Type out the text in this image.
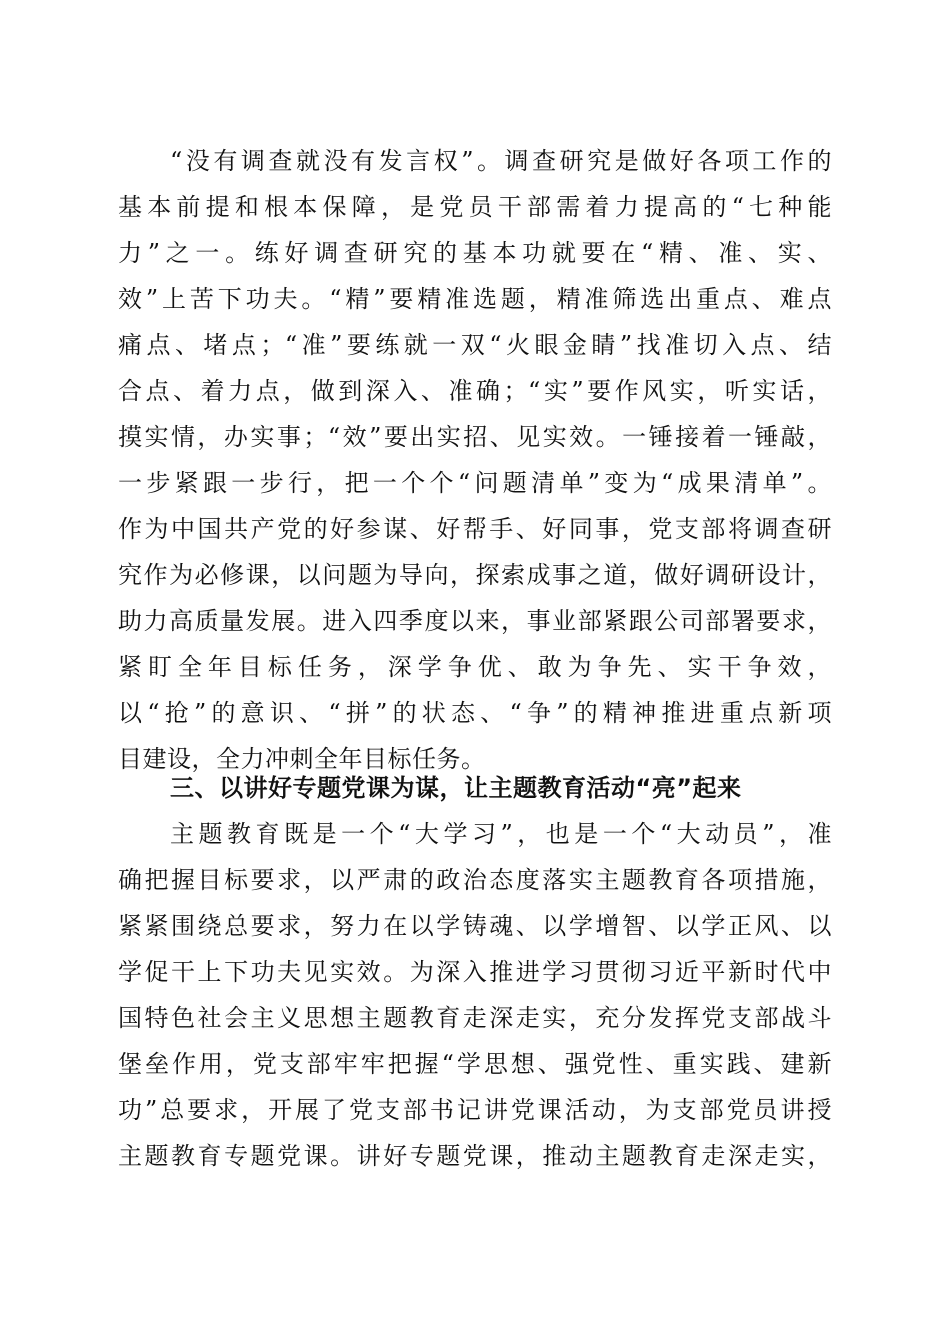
“没有调查就没有发言权”。调查研究是做好各项工作的
基本前提和根本保障，是党员干部需着力提高的“七种能
力”之一。练好调查研究的基本功就要在“精、准、实、
效”上苦下功夫。“精”要精准选题，精准筛选出重点、难点
痛点、堵点；“准”要练就一双“火眼金睛”找准切入点、结
合点、着力点，做到深入、准确；“实”要作风实，听实话，
摸实情，办实事；“效”要出实招、见实效。一锤接着一锤敲，
一步紧跟一步行，把一个个“问题清单”变为“成果清单”。
作为中国共产党的好参谋、好帮手、好同事，党支部将调查研
究作为必修课，以问题为导向，探索成事之道，做好调研设计，
助力高质量发展。进入四季度以来，事业部紧跟公司部署要求，
紧盯全年目标任务，深学争优、敢为争先、实干争效，
以“抢”的意识、“拼”的状态、“争”的精神推进重点新项
目建设，全力冲刺全年目标任务。
三、以讲好专题党课为谋，让主题教育活动“亮”起来
主题教育既是一个“大学习”，也是一个“大动员”，准
确把握目标要求，以严肃的政治态度落实主题教育各项措施，
紧紧围绕总要求，努力在以学铸魂、以学增智、以学正风、以
学促干上下功夫见实效。为深入推进学习贯彻习近平新时代中
国特色社会主义思想主题教育走深走实，充分发挥党支部战斗
堡垒作用，党支部牢牢把握“学思想、强党性、重实践、建新
功”总要求，开展了党支部书记讲党课活动，为支部党员讲授
主题教育专题党课。讲好专题党课，推动主题教育走深走实，
